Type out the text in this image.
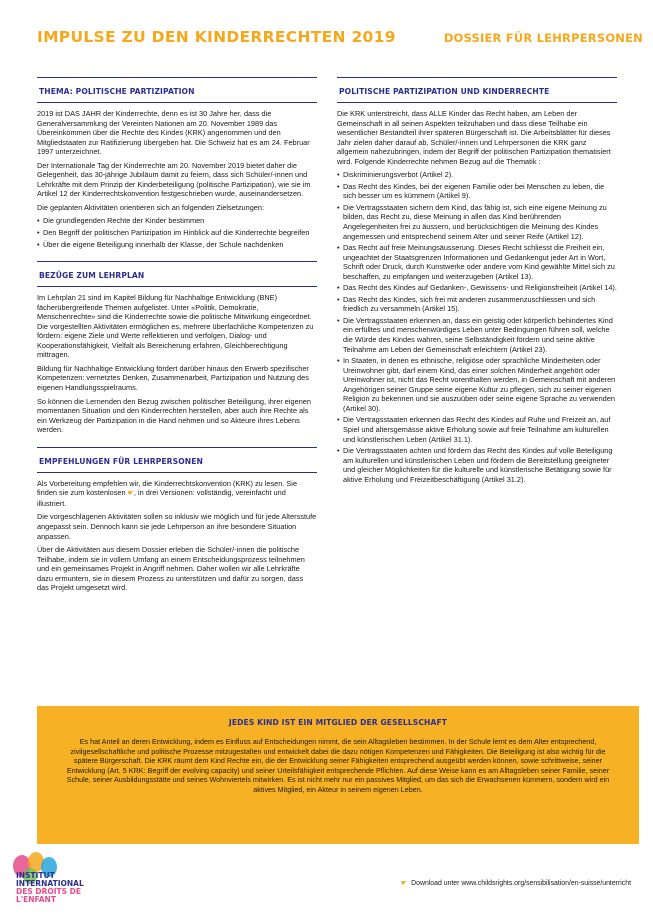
IMPULSE ZU DEN KINDERRECHTEN 2019	DOSSIER FÜR LEHRPERSONEN
THEMA: POLITISCHE PARTIZIPATION

2019 ist DAS JAHR der Kinderrechte, denn es ist 30 Jahre her, dass die Generalversammlung der Vereinten Nationen am 20. November 1989 das Übereinkommen über die Rechte des Kindes (KRK) angenommen und den Mitgliedstaaten zur Ratifizierung übergeben hat. Die Schweiz hat es am 24. Februar 1997 unterzeichnet.

Der Internationale Tag der Kinderrechte am 20. November 2019 bietet daher die Gelegenheit, das 30-jährige Jubiläum damit zu feiern, dass sich Schüler/-innen und Lehrkräfte mit dem Prinzip der Kinderbeteiligung (politische Partizipation), wie sie im Artikel 12 der Kinderrechtskonvention festgeschrieben wurde, auseinandersetzen.

Die geplanten Aktivitäten orientieren sich an folgenden Zielsetzungen:

• Die grundlegenden Rechte der Kinder bestimmen
• Den Begriff der politischen Partizipation im Hinblick auf die Kinderrechte begreifen
• Über die eigene Beteiligung innerhalb der Klasse, der Schule nachdenken
BEZÜGE ZUM LEHRPLAN

Im Lehrplan 21 sind im Kapitel Bildung für Nachhaltige Entwicklung (BNE) fächerübergreifende Themen aufgelistet. Unter «Politik, Demokratie, Menschenrechte» sind die Kinderrechte sowie die politische Mitwirkung eingeordnet. Die vorgestellten Aktivitäten ermöglichen es, mehrere überfachliche Kompetenzen zu fördern: eigene Ziele und Werte reflektieren und verfolgen, Dialog- und Kooperationsfähigkeit, Vielfalt als Bereicherung erfahren, Gleichberechtigung mittragen.

Bildung für Nachhaltige Entwicklung fördert darüber hinaus den Erwerb spezifischer Kompetenzen: vernetztes Denken, Zusammenarbeit, Partizipation und Nutzung des eigenen Handlungsspielraums.

So können die Lernenden den Bezug zwischen politischer Beteiligung, ihrer eigenen momentanen Situation und den Kinderrechten herstellen, aber auch ihre Rechte als ein Werkzeug der Partizipation in die Hand nehmen und so Akteure ihres Lebens werden.

EMPFEHLUNGEN FÜR LEHRPERSONEN

Als Vorbereitung empfehlen wir, die Kinderrechtskonvention (KRK) zu lesen. Sie finden sie zum kostenlosen ☛, in drei Versionen: vollständig, vereinfacht und illustriert.

Die vorgeschlagenen Aktivitäten sollen so inklusiv wie möglich und für jede Altersstufe angepasst sein. Dennoch kann sie jede Lehrperson an ihre besondere Situation anpassen.

Über die Aktivitäten aus diesem Dossier erleben die Schüler/-innen die politische Teilhabe, indem sie in vollem Umfang an einem Entscheidungsprozess teilnehmen und ein gemeinsames Projekt in Angriff nehmen. Daher wollen wir alle Lehrkräfte dazu ermuntern, sie in diesem Prozess zu unterstützen und dafür zu sorgen, dass das Projekt umgesetzt wird.

POLITISCHE PARTIZIPATION UND KINDERRECHTE

Die KRK unterstreicht, dass ALLE Kinder das Recht haben, am Leben der Gemeinschaft in all seinen Aspekten teilzuhaben und dass diese Teilhabe ein wesentlicher Bestandteil ihrer späteren Bürgerschaft ist. Die Arbeitsblätter für dieses Jahr zielen daher darauf ab, Schüler/-innen und Lehrpersonen die KRK ganz allgemein nahezubringen, indem der Begriff der politischen Partizipation thematisiert wird. Folgende Kinderrechte nehmen Bezug auf die Thematik :

• Diskriminierungsverbot (Artikel 2).
• Das Recht des Kindes, bei der eigenen Familie oder bei Menschen zu leben, die sich besser um es kümmern (Artikel 9).
• Die Vertragsstaaten sichern dem Kind, das fähig ist, sich eine eigene Meinung zu bilden, das Recht zu, diese Meinung in allen das Kind berührenden Angelegenheiten frei zu äussern, und berücksichtigen die Meinung des Kindes angemessen und entsprechend seinem Alter und seiner Reife (Artikel 12).
• Das Recht auf freie Meinungsäusserung. Dieses Recht schliesst die Freiheit ein, ungeachtet der Staatsgrenzen Informationen und Gedankengut jeder Art in Wort, Schrift oder Druck, durch Kunstwerke oder andere vom Kind gewählte Mittel sich zu beschaffen, zu empfangen und weiterzugeben (Artikel 13).
• Das Recht des Kindes auf Gedanken-, Gewissens- und Religionsfreiheit (Artikel 14).
• Das Recht des Kindes, sich frei mit anderen zusammenzuschliessen und sich friedlich zu versammeln (Artikel 15).
• Die Vertragsstaaten erkennen an, dass ein geistig oder körperlich behindertes Kind ein erfülltes und menschenwürdiges Leben unter Bedingungen führen soll, welche die Würde des Kindes wahren, seine Selbständigkeit fördern und seine aktive Teilnahme am Leben der Gemeinschaft erleichtern (Artikel 23).
• In Staaten, in denen es ethnische, religiöse oder sprachliche Minderheiten oder Ureinwohner gibt, darf einem Kind, das einer solchen Minderheit angehört oder Ureinwohner ist, nicht das Recht vorenthalten werden, in Gemeinschaft mit anderen Angehörigen seiner Gruppe seine eigene Kultur zu pflegen, sich zu seiner eigenen Religion zu bekennen und sie auszuüben oder seine eigene Sprache zu verwenden (Artikel 30).
• Die Vertragsstaaten erkennen das Recht des Kindes auf Ruhe und Freizeit an, auf Spiel und altersgemässe aktive Erholung sowie auf freie Teilnahme am kulturellen und künstlerischen Leben (Artikel 31.1).
• Die Vertragsstaaten achten und fördern das Recht des Kindes auf volle Beteiligung am kulturellen und künstlerischen Leben und fördern die Bereitstellung geeigneter und gleicher Möglichkeiten für die kulturelle und künstlerische Betätigung sowie für aktive Erholung und Freizeitbeschäftigung (Artikel 31.2).
JEDES KIND IST EIN MITGLIED DER GESELLSCHAFT
Es hat Anteil an deren Entwicklung, indem es Einfluss auf Entscheidungen nimmt, die sein Alltagsleben bestimmen. In der Schule lernt es dem Alter entsprechend, zivilgesellschaftliche und politische Prozesse mitzugestalten und entwickelt dabei die dazu nötigen Kompetenzen und Fähigkeiten. Die Beteiligung ist also wichtig für die spätere Bürgerschaft. Die KRK räumt dem Kind Rechte ein, die der Entwicklung seiner Fähigkeiten entsprechend ausgeübt werden können, sowie schrittweise, seiner Entwicklung (Art. 5 KRK: Begriff der evolving capacity) und seiner Urteilsfähigkeit entsprechende Pflichten. Auf diese Weise kann es am Alltagsleben seiner Familie, seiner Schule, seiner Ausbildungsstätte und seines Wohnviertels mitwirken. Es ist nicht mehr nur ein passives Mitglied, um das sich die Erwachsenen kümmern, sondern wird ein aktives Mitglied, ein Akteur in seinem eigenen Leben.
INSTITUT INTERNATIONAL
DES DROITS DE L'ENFANT
☛ Download unter www.childsrights.org/sensibilisation/en-suisse/unterricht
